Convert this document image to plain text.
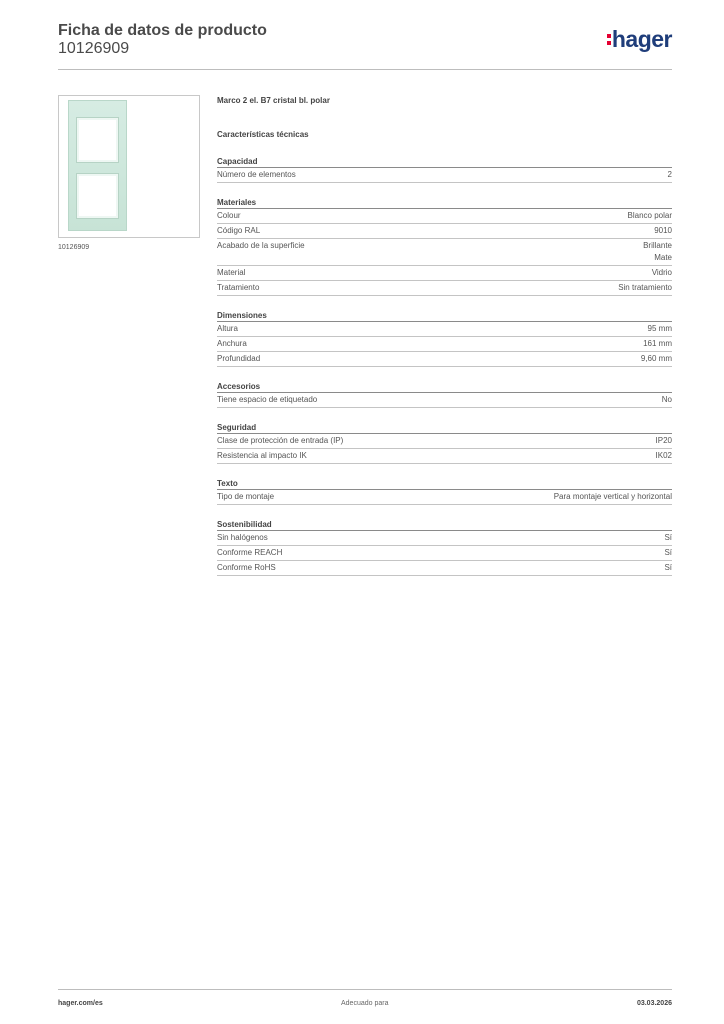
Ficha de datos de producto
10126909	hager
10126909
Marco 2 el. B7 cristal bl. polar
Características técnicas
Capacidad
Número de elementos	2
Materiales
Colour	Blanco polar
Código RAL	9010
Acabado de la superficie	Brillante
Mate
Material	Vidrio
Tratamiento	Sin tratamiento
Dimensiones
Altura	95 mm
Anchura	161 mm
Profundidad	9,60 mm
Accesorios
Tiene espacio de etiquetado	No
Seguridad
Clase de protección de entrada (IP)	IP20
Resistencia al impacto IK	IK02
Texto
Tipo de montaje	Para montaje vertical y horizontal
Sostenibilidad
Sin halógenos	Sí
Conforme REACH	Sí
Conforme RoHS	Sí
hager.com/es	Adecuado para	03.03.2026
